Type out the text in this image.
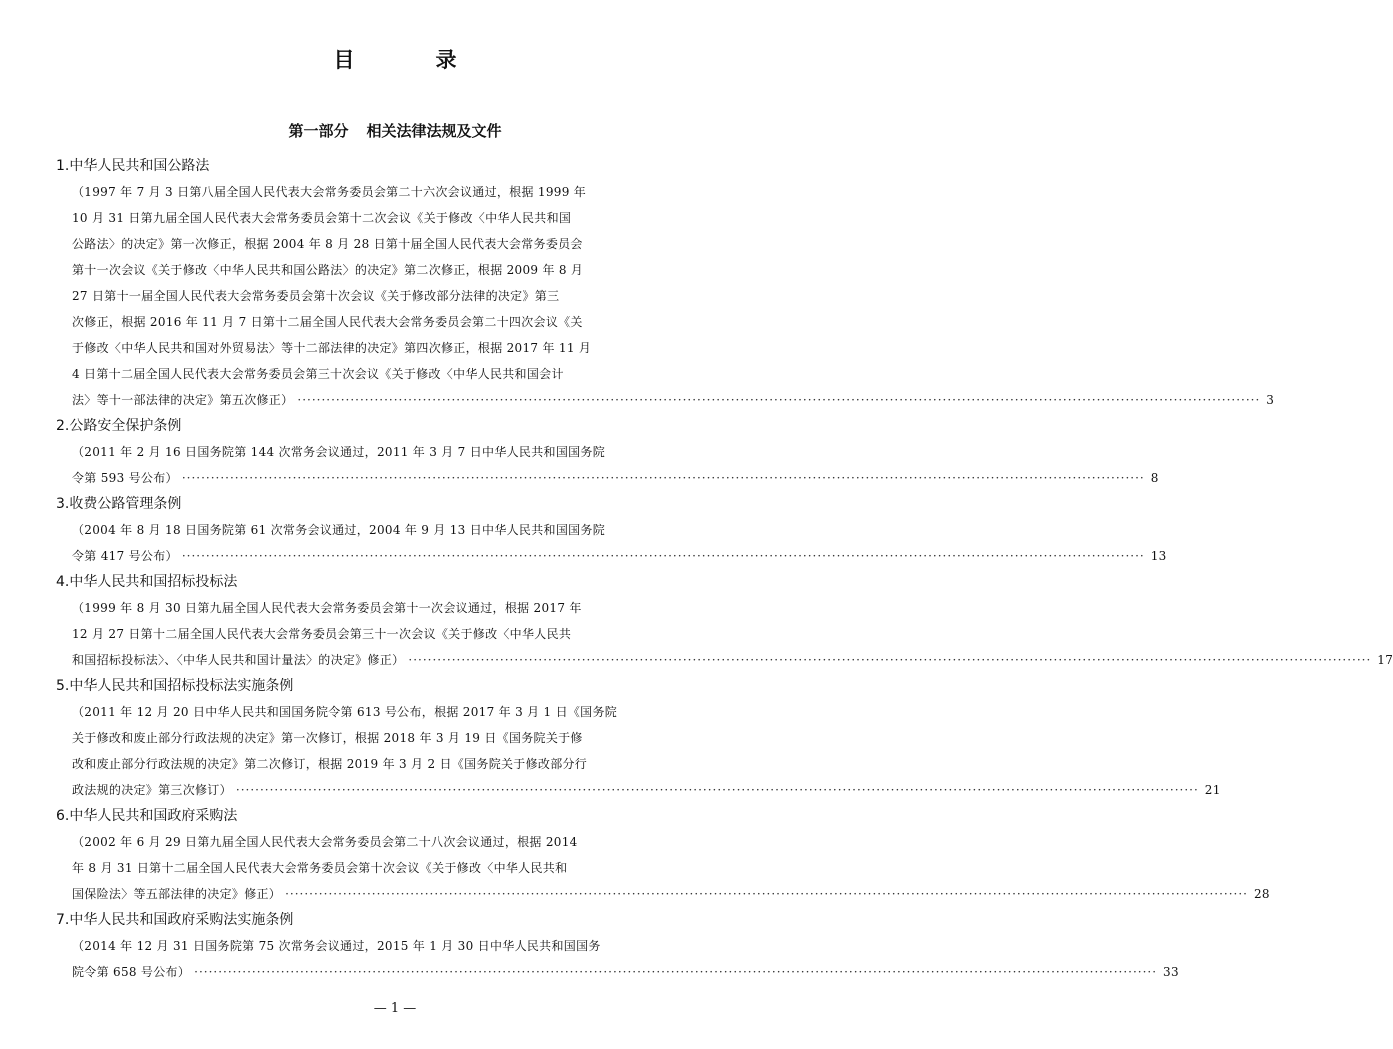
目　录
第一部分 相关法律法规及文件
1.中华人民共和国公路法
（1997 年 7 月 3 日第八届全国人民代表大会常务委员会第二十六次会议通过，根据 1999 年
10 月 31 日第九届全国人民代表大会常务委员会第十二次会议《关于修改〈中华人民共和国
公路法〉的决定》第一次修正，根据 2004 年 8 月 28 日第十届全国人民代表大会常务委员会
第十一次会议《关于修改〈中华人民共和国公路法〉的决定》第二次修正，根据 2009 年 8 月
27 日第十一届全国人民代表大会常务委员会第十次会议《关于修改部分法律的决定》第三
次修正，根据 2016 年 11 月 7 日第十二届全国人民代表大会常务委员会第二十四次会议《关
于修改〈中华人民共和国对外贸易法〉等十二部法律的决定》第四次修正，根据 2017 年 11 月
4 日第十二届全国人民代表大会常务委员会第三十次会议《关于修改〈中华人民共和国会计
法〉等十一部法律的决定》第五次修正） ········································································································································································································ 3
2.公路安全保护条例
（2011 年 2 月 16 日国务院第 144 次常务会议通过，2011 年 3 月 7 日中华人民共和国国务院
令第 593 号公布） ········································································································································································································ 8
3.收费公路管理条例
（2004 年 8 月 18 日国务院第 61 次常务会议通过，2004 年 9 月 13 日中华人民共和国国务院
令第 417 号公布） ········································································································································································································ 13
4.中华人民共和国招标投标法
（1999 年 8 月 30 日第九届全国人民代表大会常务委员会第十一次会议通过，根据 2017 年
12 月 27 日第十二届全国人民代表大会常务委员会第三十一次会议《关于修改〈中华人民共
和国招标投标法〉、〈中华人民共和国计量法〉的决定》修正） ········································································································································································································ 17
5.中华人民共和国招标投标法实施条例
（2011 年 12 月 20 日中华人民共和国国务院令第 613 号公布，根据 2017 年 3 月 1 日《国务院
关于修改和废止部分行政法规的决定》第一次修订，根据 2018 年 3 月 19 日《国务院关于修
改和废止部分行政法规的决定》第二次修订，根据 2019 年 3 月 2 日《国务院关于修改部分行
政法规的决定》第三次修订） ········································································································································································································ 21
6.中华人民共和国政府采购法
（2002 年 6 月 29 日第九届全国人民代表大会常务委员会第二十八次会议通过，根据 2014
年 8 月 31 日第十二届全国人民代表大会常务委员会第十次会议《关于修改〈中华人民共和
国保险法〉等五部法律的决定》修正） ········································································································································································································ 28
7.中华人民共和国政府采购法实施条例
（2014 年 12 月 31 日国务院第 75 次常务会议通过，2015 年 1 月 30 日中华人民共和国国务
院令第 658 号公布） ········································································································································································································ 33
— 1 —
